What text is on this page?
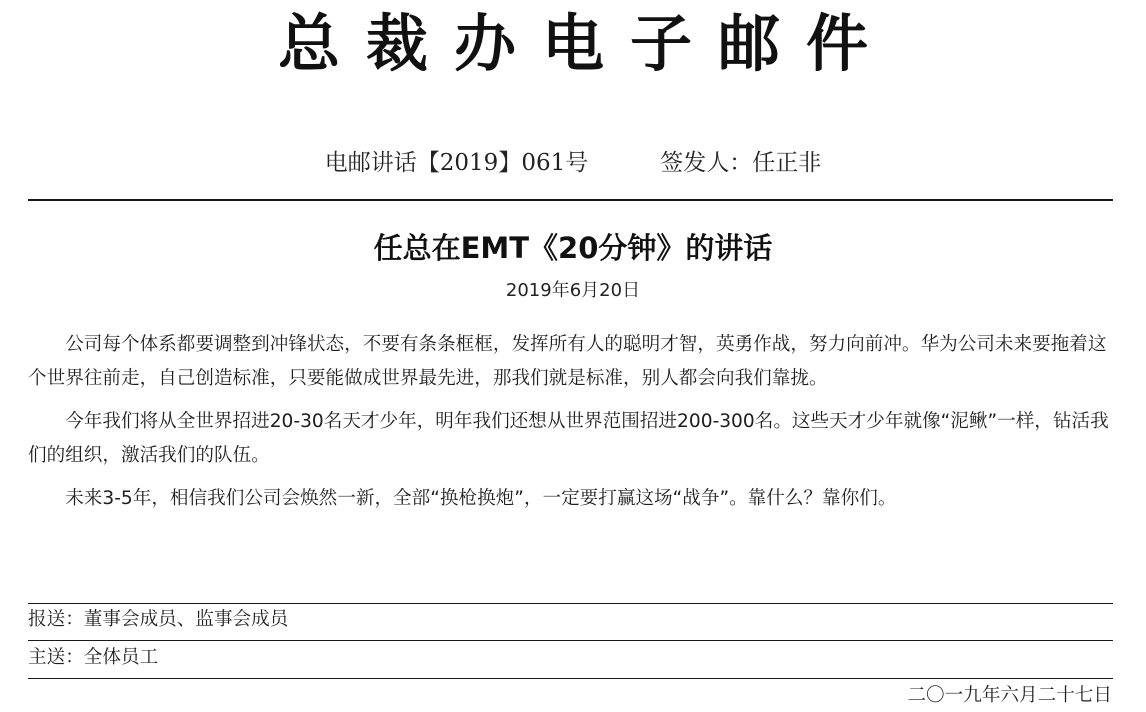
总裁办电子邮件
电邮讲话【2019】061号	签发人：任正非
任总在EMT《20分钟》的讲话
2019年6月20日

公司每个体系都要调整到冲锋状态，不要有条条框框，发挥所有人的聪明才智，英勇作战，努力向前冲。华为公司未来要拖着这个世界往前走，自己创造标准，只要能做成世界最先进，那我们就是标准，别人都会向我们靠拢。

今年我们将从全世界招进20-30名天才少年，明年我们还想从世界范围招进200-300名。这些天才少年就像“泥鳅”一样，钻活我们的组织，激活我们的队伍。

未来3-5年，相信我们公司会焕然一新，全部“换枪换炮”，一定要打赢这场“战争”。靠什么？靠你们。

报送：董事会成员、监事会成员
主送：全体员工
二〇一九年六月二十七日
